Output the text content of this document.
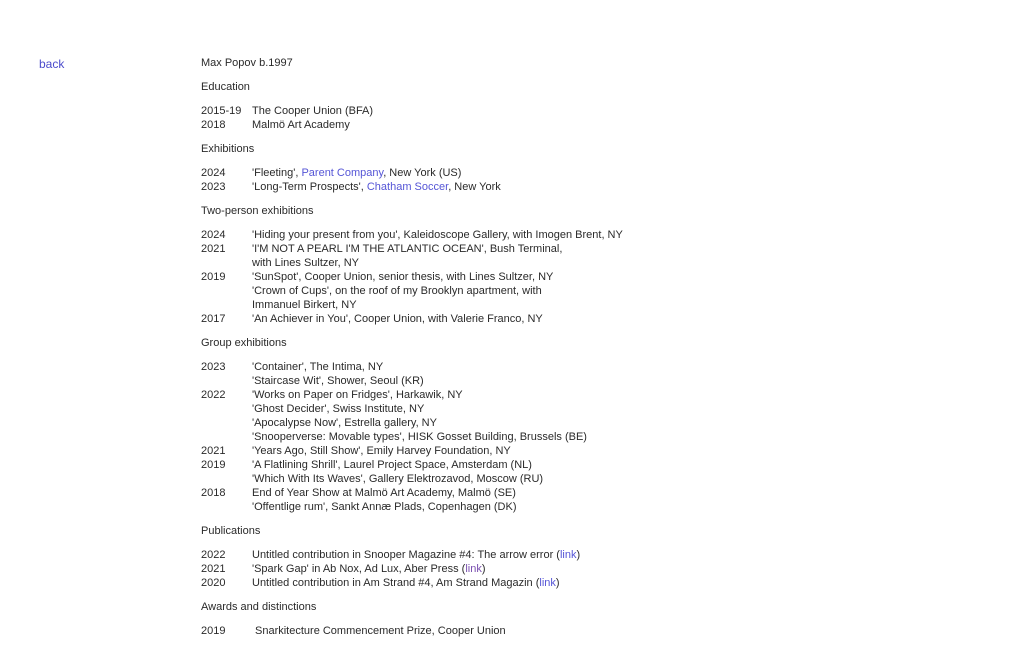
back	Max Popov b.1997
Education
2015-19 The Cooper Union (BFA)
2018 Malmö Art Academy
Exhibitions
2024 'Fleeting', Parent Company, New York (US)
2023 'Long-Term Prospects', Chatham Soccer, New York
Two-person exhibitions
2024 'Hiding your present from you', Kaleidoscope Gallery, with Imogen Brent, NY
2021 'I'M NOT A PEARL I'M THE ATLANTIC OCEAN', Bush Terminal,
with Lines Sultzer, NY
2019 'SunSpot', Cooper Union, senior thesis, with Lines Sultzer, NY
'Crown of Cups', on the roof of my Brooklyn apartment, with
Immanuel Birkert, NY
2017 'An Achiever in You', Cooper Union, with Valerie Franco, NY
Group exhibitions
2023 'Container', The Intima, NY
'Staircase Wit', Shower, Seoul (KR)
2022 'Works on Paper on Fridges', Harkawik, NY
'Ghost Decider', Swiss Institute, NY
'Apocalypse Now', Estrella gallery, NY
'Snooperverse: Movable types', HISK Gosset Building, Brussels (BE)
2021 'Years Ago, Still Show', Emily Harvey Foundation, NY
2019 'A Flatlining Shrill', Laurel Project Space, Amsterdam (NL)
'Which With Its Waves', Gallery Elektrozavod, Moscow (RU)
2018 End of Year Show at Malmö Art Academy, Malmö (SE)
'Offentlige rum', Sankt Annæ Plads, Copenhagen (DK)
Publications
2022 Untitled contribution in Snooper Magazine #4: The arrow error (link)
2021 'Spark Gap' in Ab Nox, Ad Lux, Aber Press (link)
2020 Untitled contribution in Am Strand #4, Am Strand Magazin (link)
Awards and distinctions
2019	Snarkitecture Commencement Prize, Cooper Union
